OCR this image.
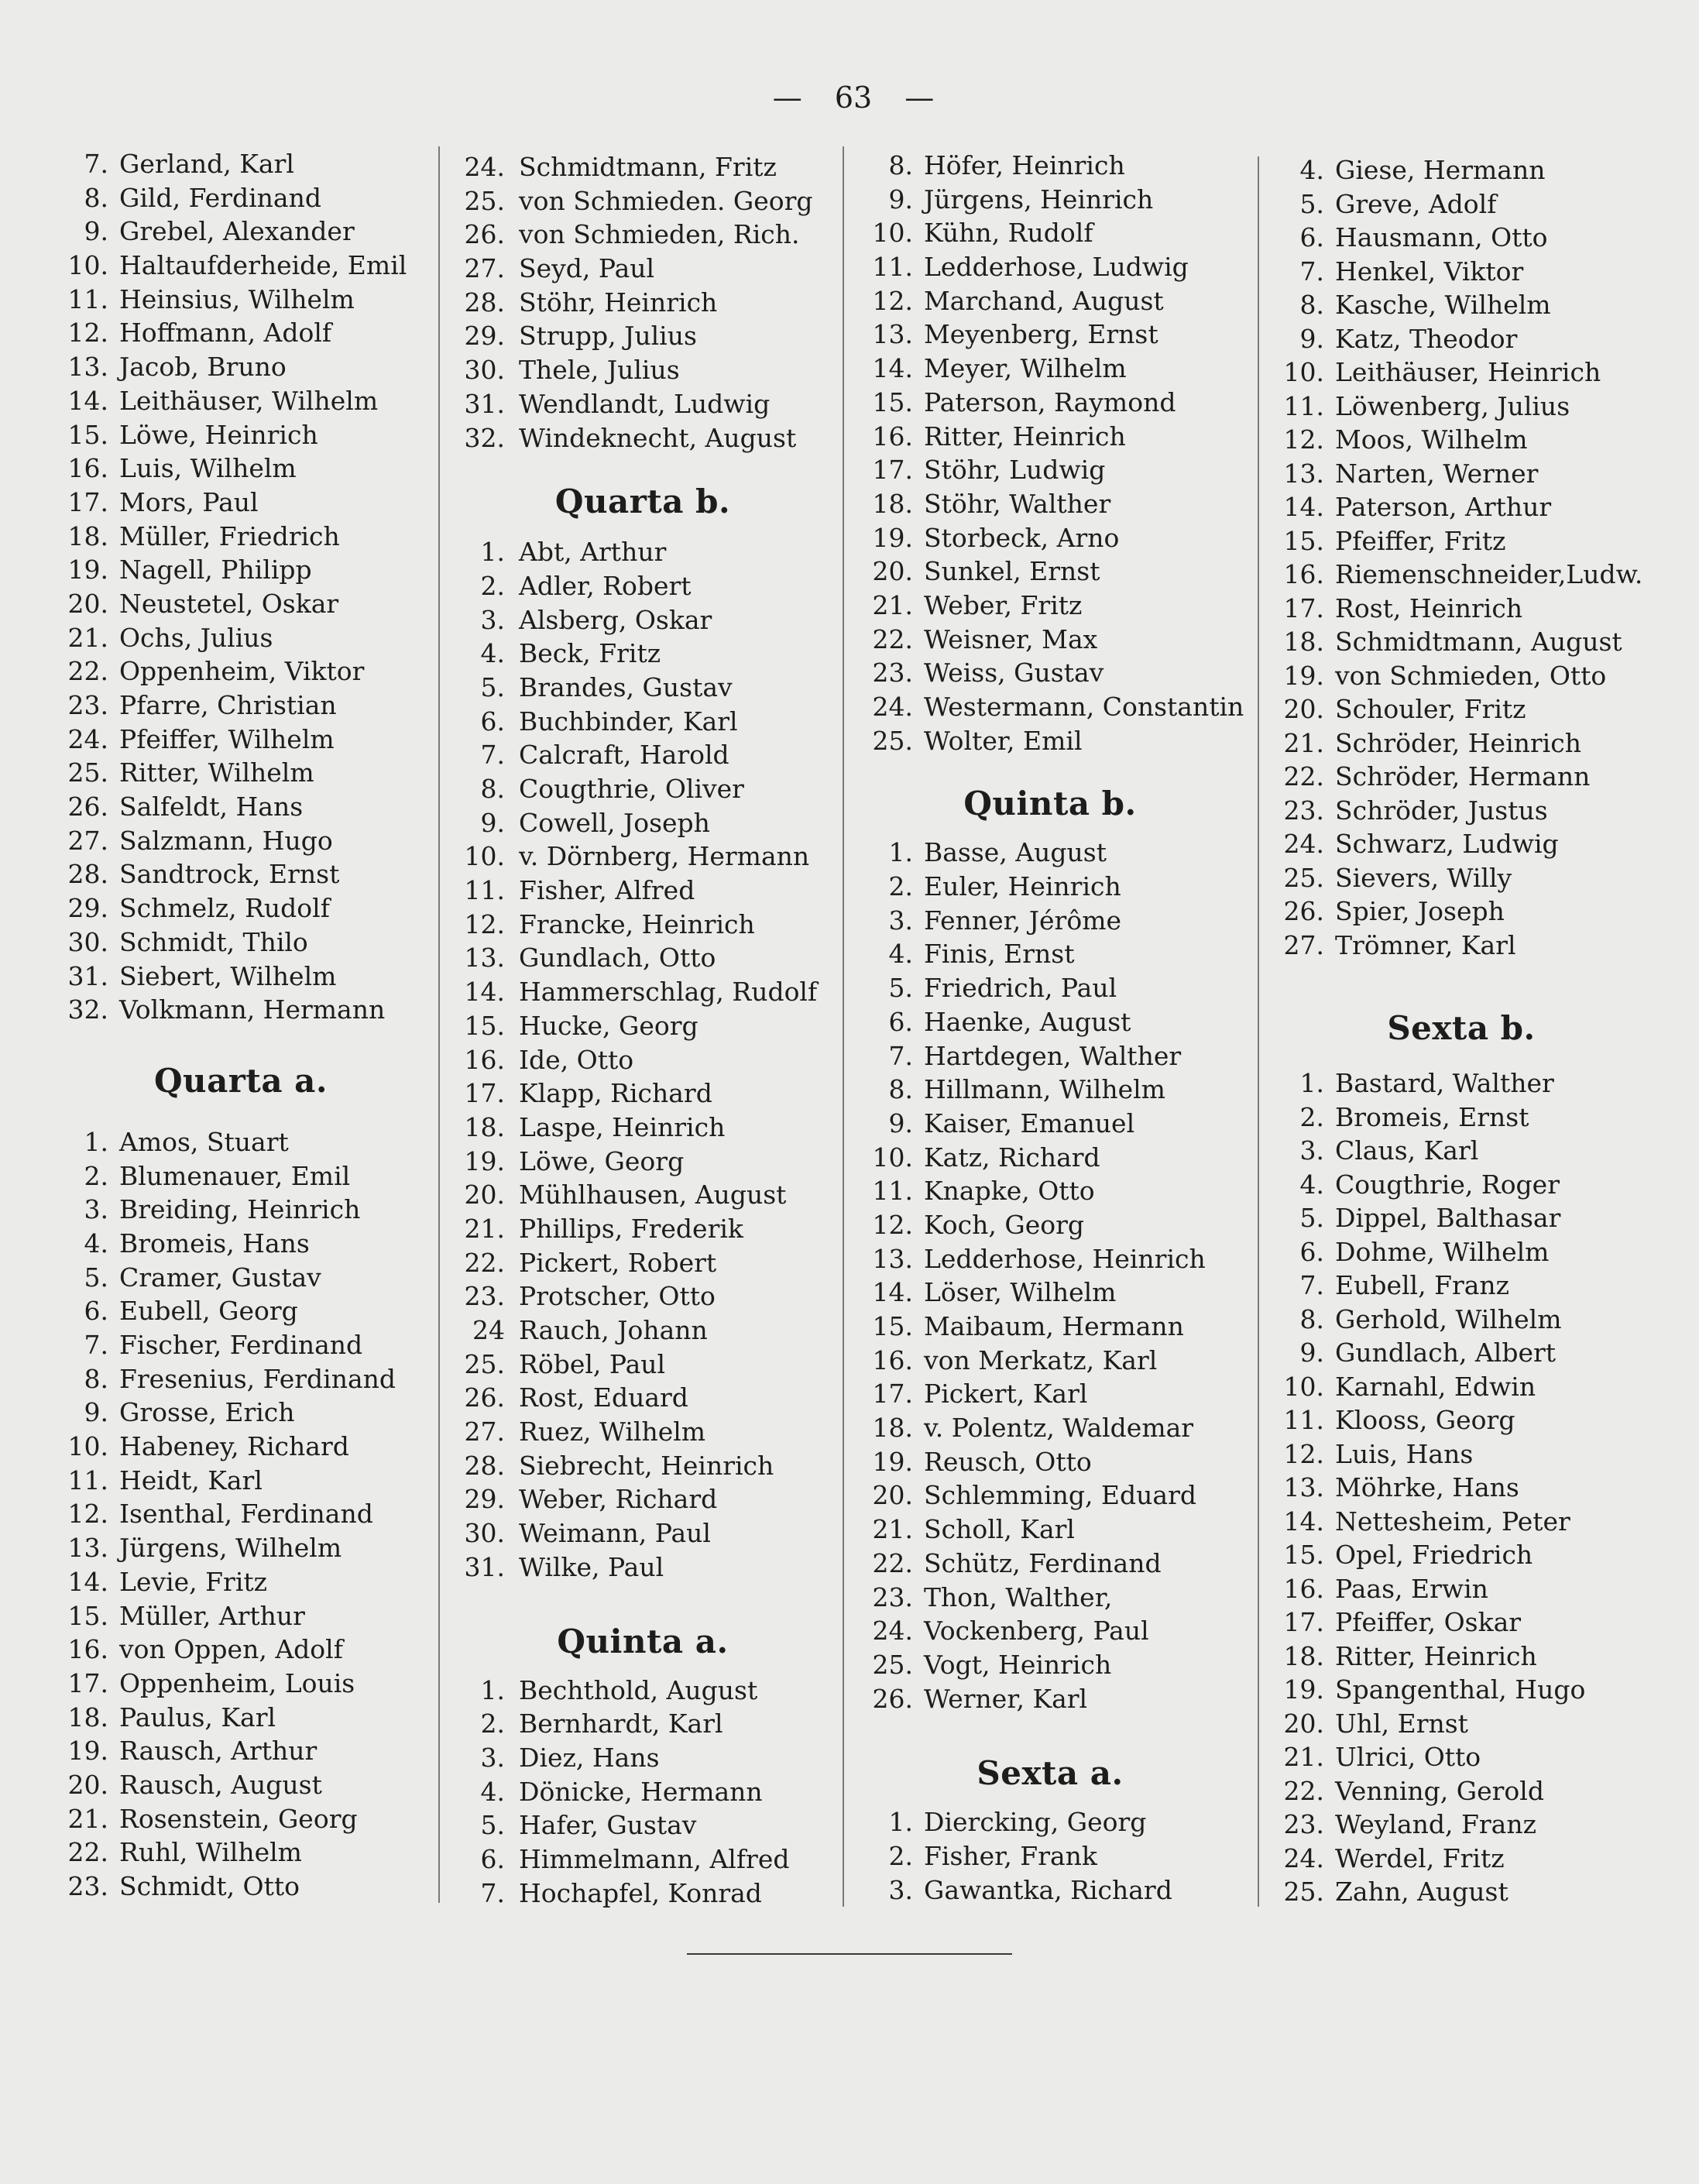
— 63 —
7. Gerland, Karl
8. Gild, Ferdinand
9. Grebel, Alexander
10. Haltaufderheide, Emil
11. Heinsius, Wilhelm
12. Hoffmann, Adolf
13. Jacob, Bruno
14. Leithäuser, Wilhelm
15. Löwe, Heinrich
16. Luis, Wilhelm
17. Mors, Paul
18. Müller, Friedrich
19. Nagell, Philipp
20. Neustetel, Oskar
21. Ochs, Julius
22. Oppenheim, Viktor
23. Pfarre, Christian
24. Pfeiffer, Wilhelm
25. Ritter, Wilhelm
26. Salfeldt, Hans
27. Salzmann, Hugo
28. Sandtrock, Ernst
29. Schmelz, Rudolf
30. Schmidt, Thilo
31. Siebert, Wilhelm
32. Volkmann, Hermann
Quarta a.
1. Amos, Stuart
2. Blumenauer, Emil
3. Breiding, Heinrich
4. Bromeis, Hans
5. Cramer, Gustav
6. Eubell, Georg
7. Fischer, Ferdinand
8. Fresenius, Ferdinand
9. Grosse, Erich
10. Habeney, Richard
11. Heidt, Karl
12. Isenthal, Ferdinand
13. Jürgens, Wilhelm
14. Levie, Fritz
15. Müller, Arthur
16. von Oppen, Adolf
17. Oppenheim, Louis
18. Paulus, Karl
19. Rausch, Arthur
20. Rausch, August
21. Rosenstein, Georg
22. Ruhl, Wilhelm
23. Schmidt, Otto
24. Schmidtmann, Fritz
25. von Schmieden. Georg
26. von Schmieden, Rich.
27. Seyd, Paul
28. Stöhr, Heinrich
29. Strupp, Julius
30. Thele, Julius
31. Wendlandt, Ludwig
32. Windeknecht, August
Quarta b.
1. Abt, Arthur
2. Adler, Robert
3. Alsberg, Oskar
4. Beck, Fritz
5. Brandes, Gustav
6. Buchbinder, Karl
7. Calcraft, Harold
8. Cougthrie, Oliver
9. Cowell, Joseph
10. v. Dörnberg, Hermann
11. Fisher, Alfred
12. Francke, Heinrich
13. Gundlach, Otto
14. Hammerschlag, Rudolf
15. Hucke, Georg
16. Ide, Otto
17. Klapp, Richard
18. Laspe, Heinrich
19. Löwe, Georg
20. Mühlhausen, August
21. Phillips, Frederik
22. Pickert, Robert
23. Protscher, Otto
24 Rauch, Johann
25. Röbel, Paul
26. Rost, Eduard
27. Ruez, Wilhelm
28. Siebrecht, Heinrich
29. Weber, Richard
30. Weimann, Paul
31. Wilke, Paul
Quinta a.
1. Bechthold, August
2. Bernhardt, Karl
3. Diez, Hans
4. Dönicke, Hermann
5. Hafer, Gustav
6. Himmelmann, Alfred
7. Hochapfel, Konrad
8. Höfer, Heinrich
9. Jürgens, Heinrich
10. Kühn, Rudolf
11. Ledderhose, Ludwig
12. Marchand, August
13. Meyenberg, Ernst
14. Meyer, Wilhelm
15. Paterson, Raymond
16. Ritter, Heinrich
17. Stöhr, Ludwig
18. Stöhr, Walther
19. Storbeck, Arno
20. Sunkel, Ernst
21. Weber, Fritz
22. Weisner, Max
23. Weiss, Gustav
24. Westermann, Constantin
25. Wolter, Emil
Quinta b.
1. Basse, August
2. Euler, Heinrich
3. Fenner, Jérôme
4. Finis, Ernst
5. Friedrich, Paul
6. Haenke, August
7. Hartdegen, Walther
8. Hillmann, Wilhelm
9. Kaiser, Emanuel
10. Katz, Richard
11. Knapke, Otto
12. Koch, Georg
13. Ledderhose, Heinrich
14. Löser, Wilhelm
15. Maibaum, Hermann
16. von Merkatz, Karl
17. Pickert, Karl
18. v. Polentz, Waldemar
19. Reusch, Otto
20. Schlemming, Eduard
21. Scholl, Karl
22. Schütz, Ferdinand
23. Thon, Walther,
24. Vockenberg, Paul
25. Vogt, Heinrich
26. Werner, Karl
Sexta a.
1. Diercking, Georg
2. Fisher, Frank
3. Gawantka, Richard
4. Giese, Hermann
5. Greve, Adolf
6. Hausmann, Otto
7. Henkel, Viktor
8. Kasche, Wilhelm
9. Katz, Theodor
10. Leithäuser, Heinrich
11. Löwenberg, Julius
12. Moos, Wilhelm
13. Narten, Werner
14. Paterson, Arthur
15. Pfeiffer, Fritz
16. Riemenschneider,Ludw.
17. Rost, Heinrich
18. Schmidtmann, August
19. von Schmieden, Otto
20. Schouler, Fritz
21. Schröder, Heinrich
22. Schröder, Hermann
23. Schröder, Justus
24. Schwarz, Ludwig
25. Sievers, Willy
26. Spier, Joseph
27. Trömner, Karl
Sexta b.
1. Bastard, Walther
2. Bromeis, Ernst
3. Claus, Karl
4. Cougthrie, Roger
5. Dippel, Balthasar
6. Dohme, Wilhelm
7. Eubell, Franz
8. Gerhold, Wilhelm
9. Gundlach, Albert
10. Karnahl, Edwin
11. Klooss, Georg
12. Luis, Hans
13. Möhrke, Hans
14. Nettesheim, Peter
15. Opel, Friedrich
16. Paas, Erwin
17. Pfeiffer, Oskar
18. Ritter, Heinrich
19. Spangenthal, Hugo
20. Uhl, Ernst
21. Ulrici, Otto
22. Venning, Gerold
23. Weyland, Franz
24. Werdel, Fritz
25. Zahn, August
